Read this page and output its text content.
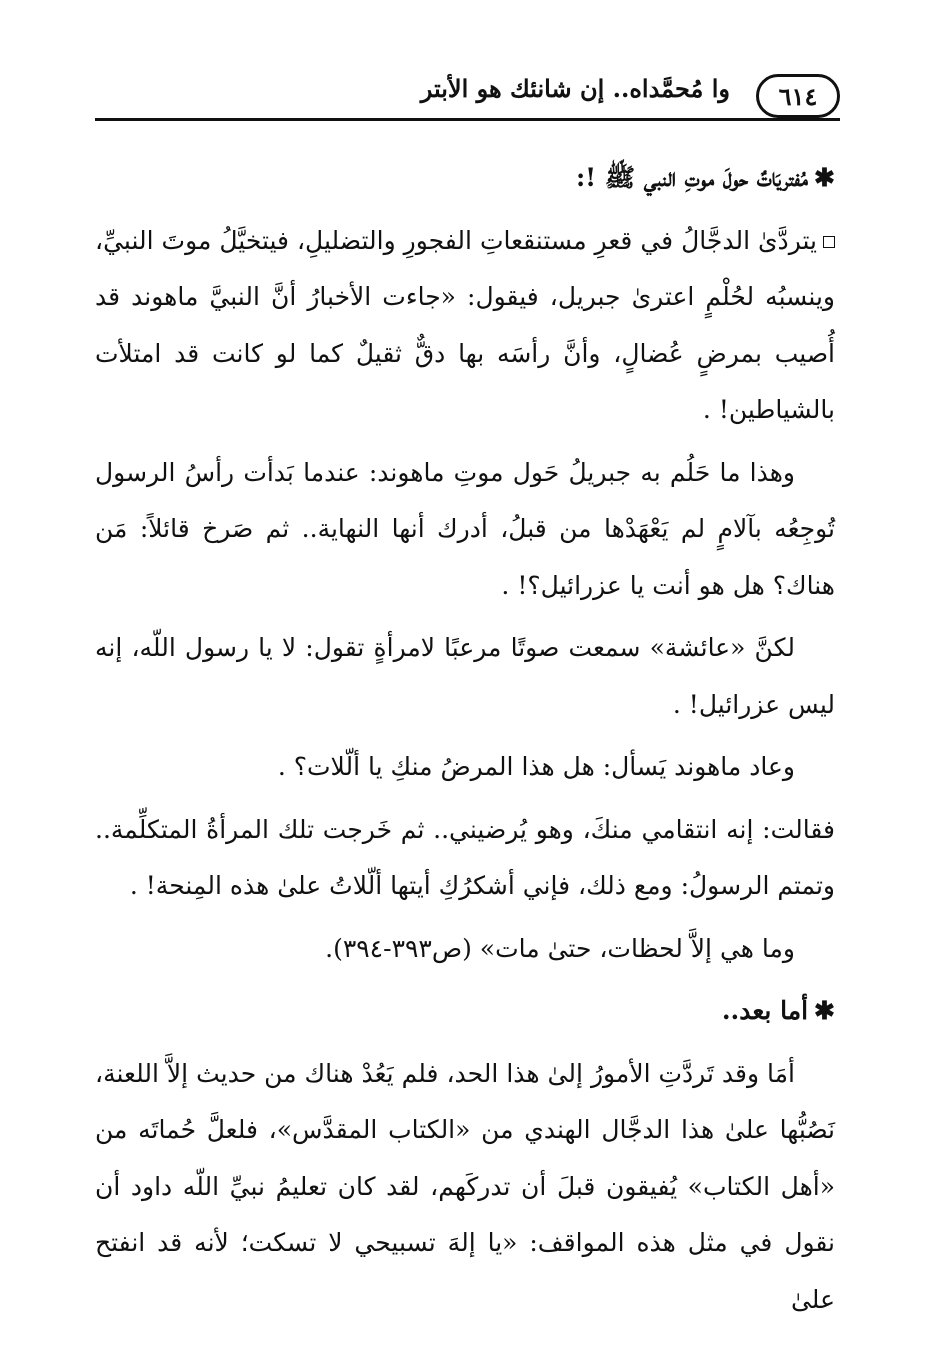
٦١٤
وا مُحمَّداه.. إن شانئك هو الأبتر

✱مُفتريَاتٌ حولَ موتِ النبي ﷺ !:

يتردَّىٰ الدجَّالُ في قعرِ مستنقعاتِ الفجورِ والتضليلِ، فيتخيَّلُ موتَ النبيِّ، وينسبُه لحُلْمٍ اعترىٰ جبريل، فيقول: «جاءت الأخبارُ أنَّ النبيَّ ماهوند قد أُصيب بمرضٍ عُضالٍ، وأنَّ رأسَه بها دقٌّ ثقيلٌ كما لو كانت قد امتلأت بالشياطين! .

وهذا ما حَلُم به جبريلُ حَول موتِ ماهوند: عندما بَدأت رأسُ الرسول تُوجِعُه بآلامٍ لم يَعْهَدْها من قبلُ، أدرك أنها النهاية.. ثم صَرخ قائلاً: مَن هناك؟ هل هو أنت يا عزرائيل؟! .

لكنَّ «عائشة» سمعت صوتًا مرعبًا لامرأةٍ تقول: لا يا رسول اللّه، إنه ليس عزرائيل! .

وعاد ماهوند يَسأل: هل هذا المرضُ منكِ يا ألّلات؟ .

فقالت: إنه انتقامي منكَ، وهو يُرضيني.. ثم خَرجت تلك المرأةُ المتكلِّمة.. وتمتم الرسولُ: ومع ذلك، فإني أشكرُكِ أيتها ألّلاتُ علىٰ هذه المِنحة! .

وما هي إلاَّ لحظات، حتىٰ مات» (ص٣٩٣-٣٩٤).

✱أما بعد..

أمَا وقد تَردَّتِ الأمورُ إلىٰ هذا الحد، فلم يَعُدْ هناك من حديث إلاَّ اللعنة، نَصُبُّها علىٰ هذا الدجَّال الهندي من «الكتاب المقدَّس»، فلعلَّ حُماتَه من «أهل الكتاب» يُفيقون قبلَ أن تدركَهم، لقد كان تعليمُ نبيِّ اللّه داود أن نقول في مثل هذه المواقف: «يا إلهَ تسبيحي لا تسكت؛ لأنه قد انفتح علىٰ
